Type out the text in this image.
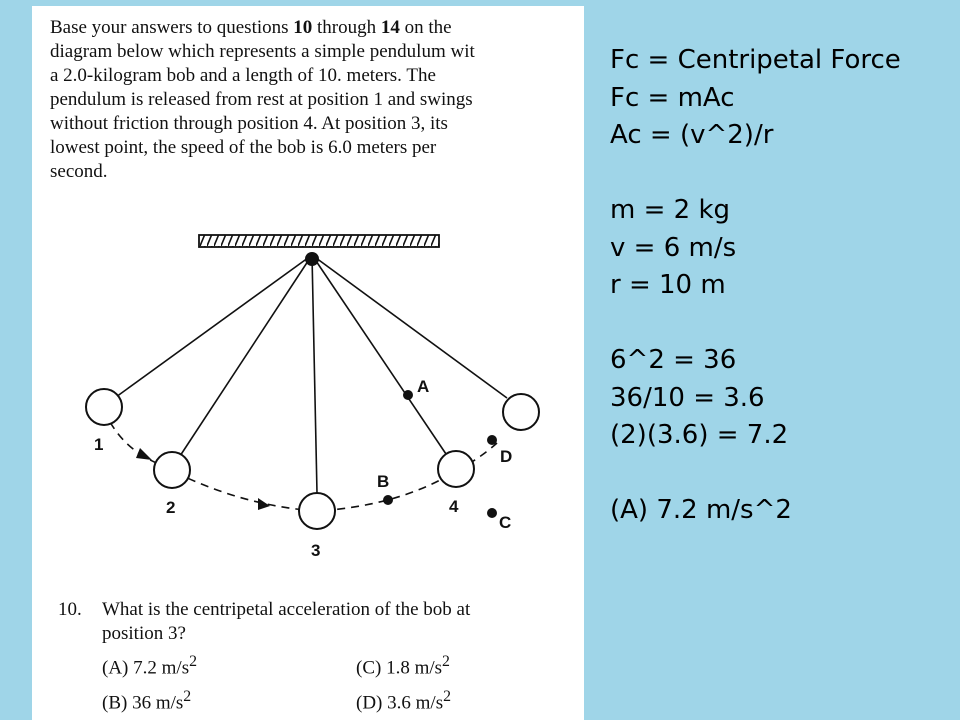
Base your answers to questions 10 through 14 on the
diagram below which represents a simple pendulum wit
a 2.0-kilogram bob and a length of 10. meters. The
pendulum is released from rest at position 1 and swings
without friction through position 4. At position 3, its
lowest point, the speed of the bob is 6.0 meters per
second.
1
2
3
4
A
B
C
D
10. What is the centripetal acceleration of the bob at
position 3?
(A) 7.2 $m/s^2$	(C) 1.8 $m/s^2$
(B) 36 $m/s^2$	(D) 3.6 $m/s^2$
Fc = Centripetal Force
Fc = mAc
Ac = (v^2)/r
m = 2 kg
v = 6 m/s
r = 10 m
6^2 = 36
36/10 = 3.6
(2)(3.6) = 7.2
(A) 7.2 m/s^2
